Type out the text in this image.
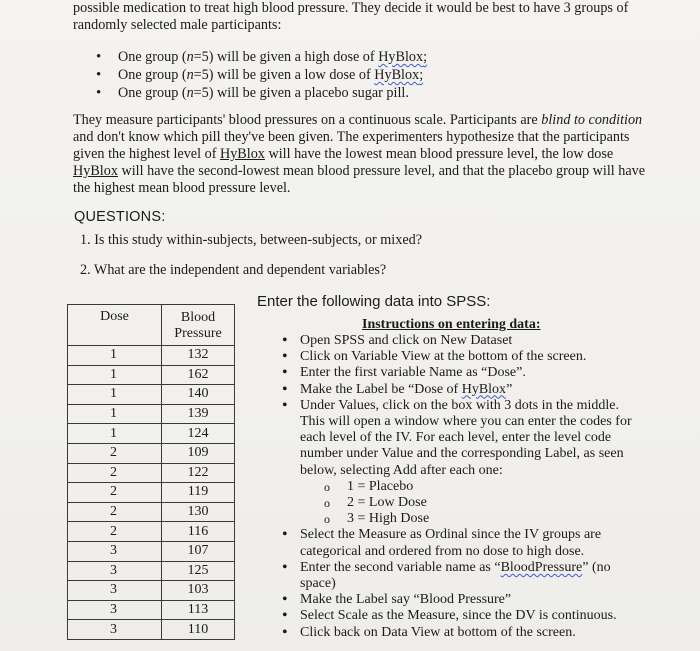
possible medication to treat high blood pressure. They decide it would be best to have 3 groups of
randomly selected male participants:
• One group (n=5) will be given a high dose of HyBlox;
• One group (n=5) will be given a low dose of HyBlox;
• One group (n=5) will be given a placebo sugar pill.
They measure participants' blood pressures on a continuous scale. Participants are blind to condition
and don't know which pill they've been given. The experimenters hypothesize that the participants
given the highest level of HyBlox will have the lowest mean blood pressure level, the low dose
HyBlox will have the second-lowest mean blood pressure level, and that the placebo group will have
the highest mean blood pressure level.
QUESTIONS:
1. Is this study within-subjects, between-subjects, or mixed?
2. What are the independent and dependent variables?
Dose	Blood
Pressure
1	132
1	162
1	140
1	139
1	124
2	109
2	122
2	119
2	130
2	116
3	107
3	125
3	103
3	113
3	110
Enter the following data into SPSS:
Instructions on entering data:
• Open SPSS and click on New Dataset
• Click on Variable View at the bottom of the screen.
• Enter the first variable Name as “Dose”.
• Make the Label be “Dose of HyBlox”
• Under Values, click on the box with 3 dots in the middle.
This will open a window where you can enter the codes for
each level of the IV. For each level, enter the level code
number under Value and the corresponding Label, as seen
below, selecting Add after each one:
o 1 = Placebo
o 2 = Low Dose
o 3 = High Dose
• Select the Measure as Ordinal since the IV groups are
categorical and ordered from no dose to high dose.
• Enter the second variable name as “BloodPressure” (no
space)
• Make the Label say “Blood Pressure”
• Select Scale as the Measure, since the DV is continuous.
• Click back on Data View at bottom of the screen.
